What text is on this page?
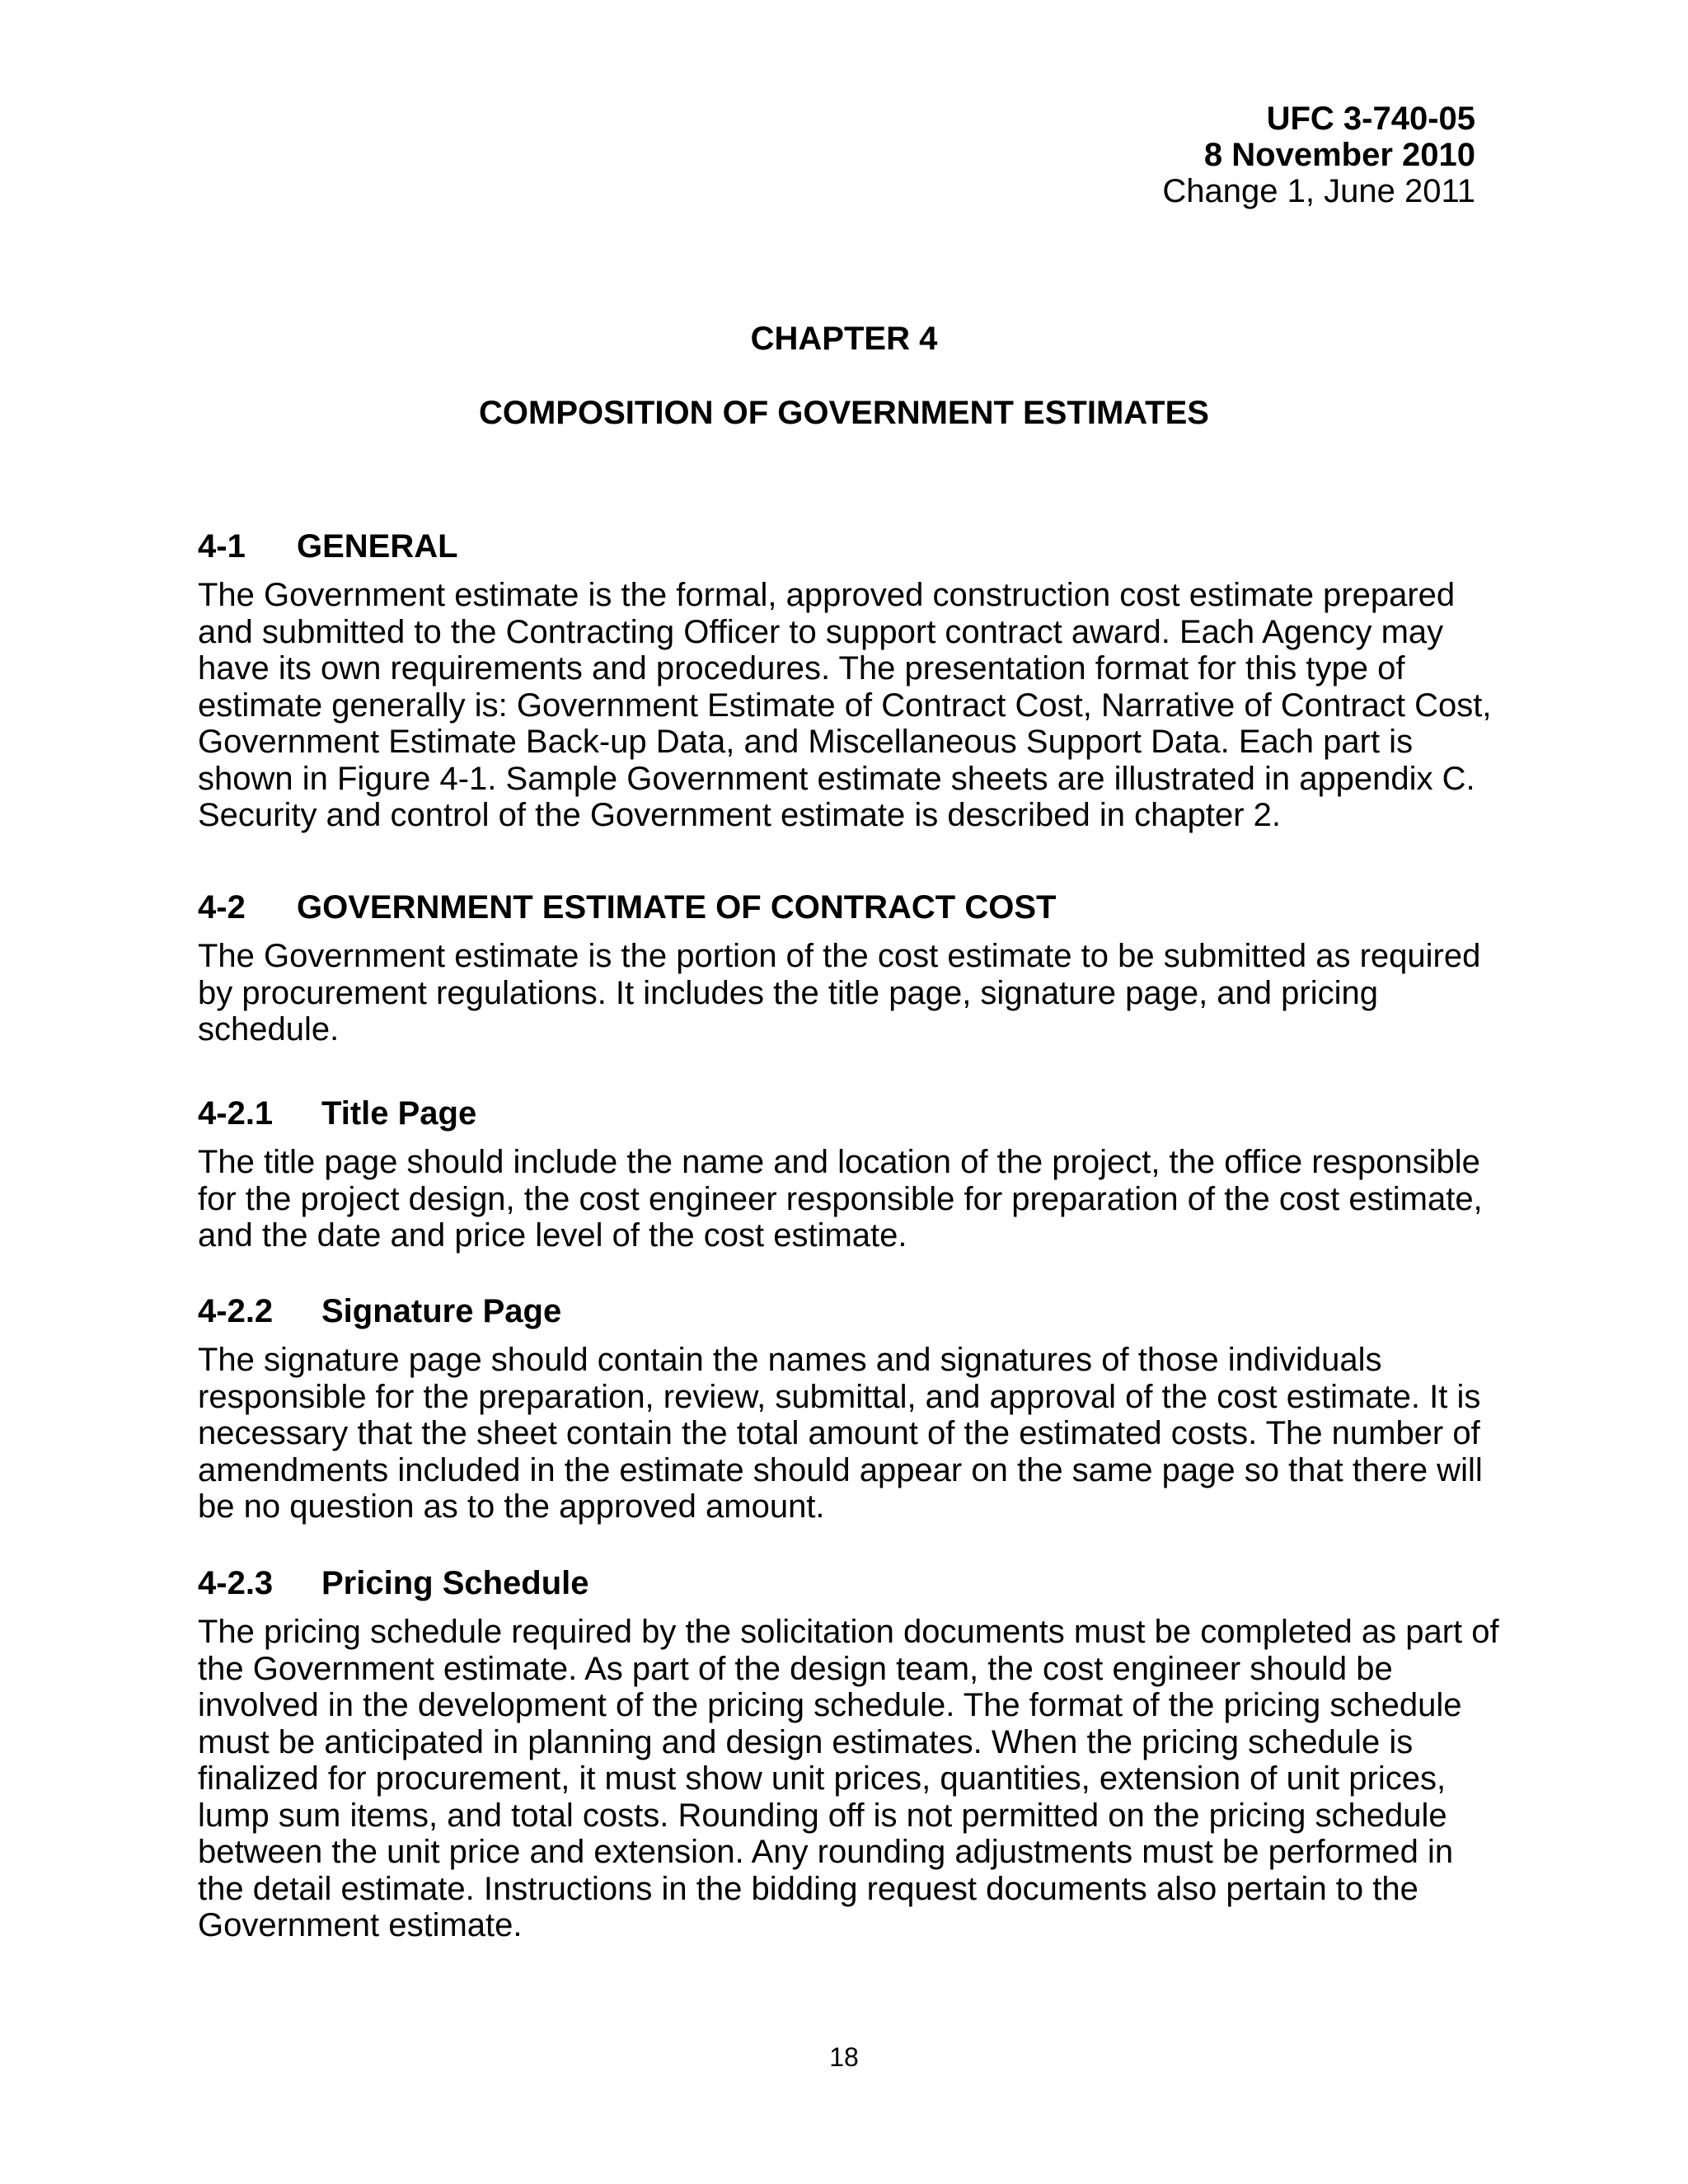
UFC 3-740-05
8 November 2010
Change 1, June 2011
CHAPTER 4
COMPOSITION OF GOVERNMENT ESTIMATES
4-1 GENERAL

The Government estimate is the formal, approved construction cost estimate prepared and submitted to the Contracting Officer to support contract award. Each Agency may have its own requirements and procedures. The presentation format for this type of estimate generally is: Government Estimate of Contract Cost, Narrative of Contract Cost, Government Estimate Back-up Data, and Miscellaneous Support Data. Each part is shown in Figure 4-1. Sample Government estimate sheets are illustrated in appendix C. Security and control of the Government estimate is described in chapter 2.

4-2 GOVERNMENT ESTIMATE OF CONTRACT COST

The Government estimate is the portion of the cost estimate to be submitted as required by procurement regulations. It includes the title page, signature page, and pricing schedule.

4-2.1 Title Page

The title page should include the name and location of the project, the office responsible for the project design, the cost engineer responsible for preparation of the cost estimate, and the date and price level of the cost estimate.

4-2.2 Signature Page

The signature page should contain the names and signatures of those individuals responsible for the preparation, review, submittal, and approval of the cost estimate. It is necessary that the sheet contain the total amount of the estimated costs. The number of amendments included in the estimate should appear on the same page so that there will be no question as to the approved amount.

4-2.3 Pricing Schedule

The pricing schedule required by the solicitation documents must be completed as part of the Government estimate. As part of the design team, the cost engineer should be involved in the development of the pricing schedule. The format of the pricing schedule must be anticipated in planning and design estimates. When the pricing schedule is finalized for procurement, it must show unit prices, quantities, extension of unit prices, lump sum items, and total costs. Rounding off is not permitted on the pricing schedule between the unit price and extension. Any rounding adjustments must be performed in the detail estimate. Instructions in the bidding request documents also pertain to the Government estimate.

18
